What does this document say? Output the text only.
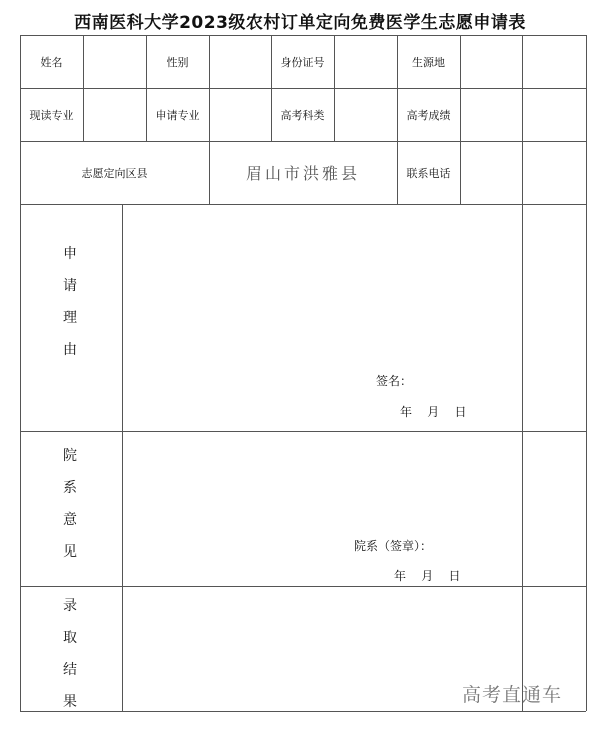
西南医科大学2023级农村订单定向免费医学生志愿申请表
姓名	性别	身份证号	生源地
现读专业	申请专业	高考科类	高考成绩
志愿定向区县	眉山市洪雅县	联系电话
申
请
理
由
签名：
年    月    日
院
系
意
见	院系（签章）：
年    月    日
录
取
结
果	高考直通车
